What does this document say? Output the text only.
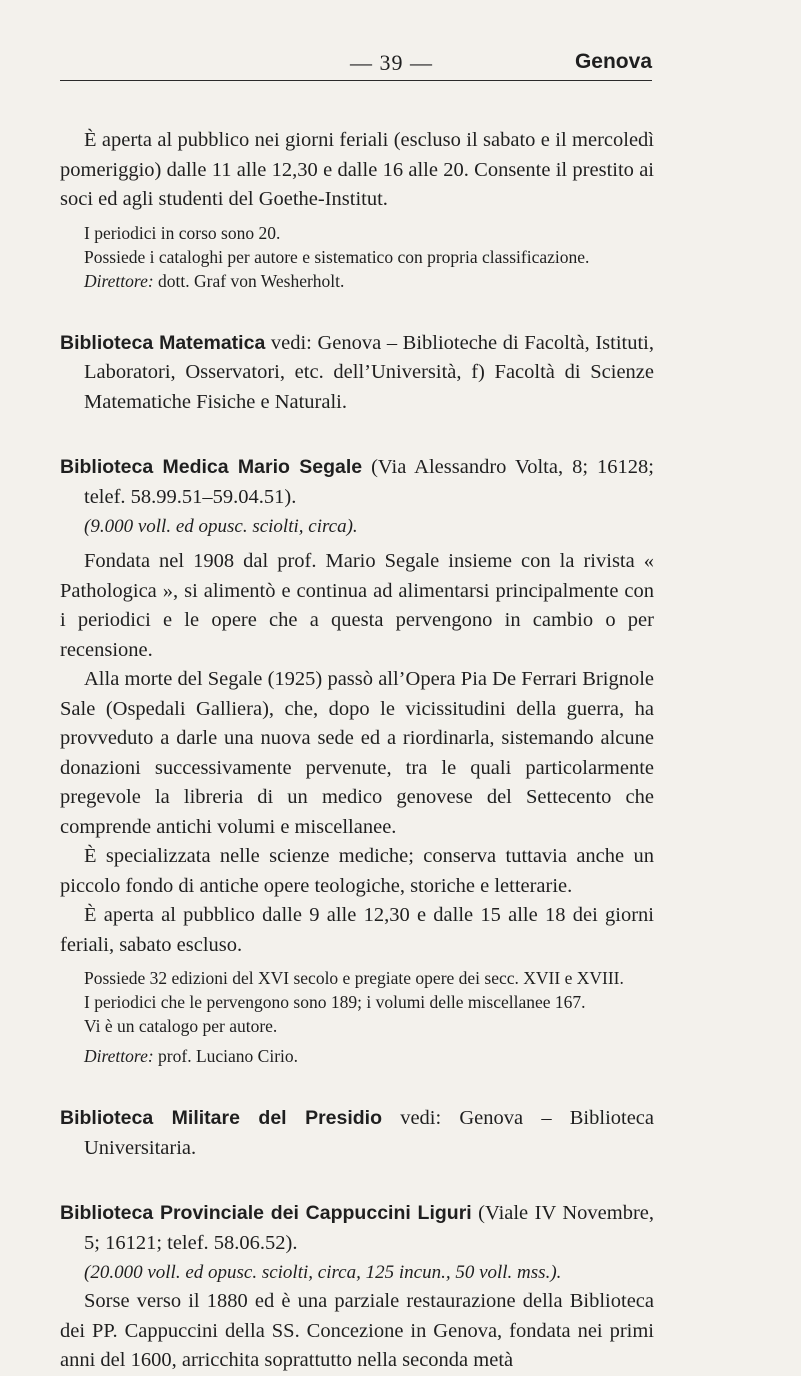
— 39 —	Genova

È aperta al pubblico nei giorni feriali (escluso il sabato e il mercoledì pomeriggio) dalle 11 alle 12,30 e dalle 16 alle 20. Consente il prestito ai soci ed agli studenti del Goethe-Institut.

I periodici in corso sono 20.

Possiede i cataloghi per autore e sistematico con propria classificazione.

Direttore: dott. Graf von Wesherholt.

Biblioteca Matematica vedi: Genova – Biblioteche di Facoltà, Istituti, Laboratori, Osservatori, etc. dell’Università, f) Facoltà di Scienze Matematiche Fisiche e Naturali.

Biblioteca Medica Mario Segale (Via Alessandro Volta, 8; 16128; telef. 58.99.51–59.04.51).

(9.000 voll. ed opusc. sciolti, circa).

Fondata nel 1908 dal prof. Mario Segale insieme con la rivista « Pathologica », si alimentò e continua ad alimentarsi principalmente con i periodici e le opere che a questa pervengono in cambio o per recensione.

Alla morte del Segale (1925) passò all’Opera Pia De Ferrari Brignole Sale (Ospedali Galliera), che, dopo le vicissitudini della guerra, ha provveduto a darle una nuova sede ed a riordinarla, sistemando alcune donazioni successivamente pervenute, tra le quali particolarmente pregevole la libreria di un medico genovese del Settecento che comprende antichi volumi e miscellanee.

È specializzata nelle scienze mediche; conserva tuttavia anche un piccolo fondo di antiche opere teologiche, storiche e letterarie.

È aperta al pubblico dalle 9 alle 12,30 e dalle 15 alle 18 dei giorni feriali, sabato escluso.

Possiede 32 edizioni del XVI secolo e pregiate opere dei secc. XVII e XVIII.

I periodici che le pervengono sono 189; i volumi delle miscellanee 167.

Vi è un catalogo per autore.

Direttore: prof. Luciano Cirio.

Biblioteca Militare del Presidio vedi: Genova – Biblioteca Universitaria.

Biblioteca Provinciale dei Cappuccini Liguri (Viale IV Novembre, 5; 16121; telef. 58.06.52).

(20.000 voll. ed opusc. sciolti, circa, 125 incun., 50 voll. mss.).

Sorse verso il 1880 ed è una parziale restaurazione della Biblioteca dei PP. Cappuccini della SS. Concezione in Genova, fondata nei primi anni del 1600, arricchita soprattutto nella seconda metà
